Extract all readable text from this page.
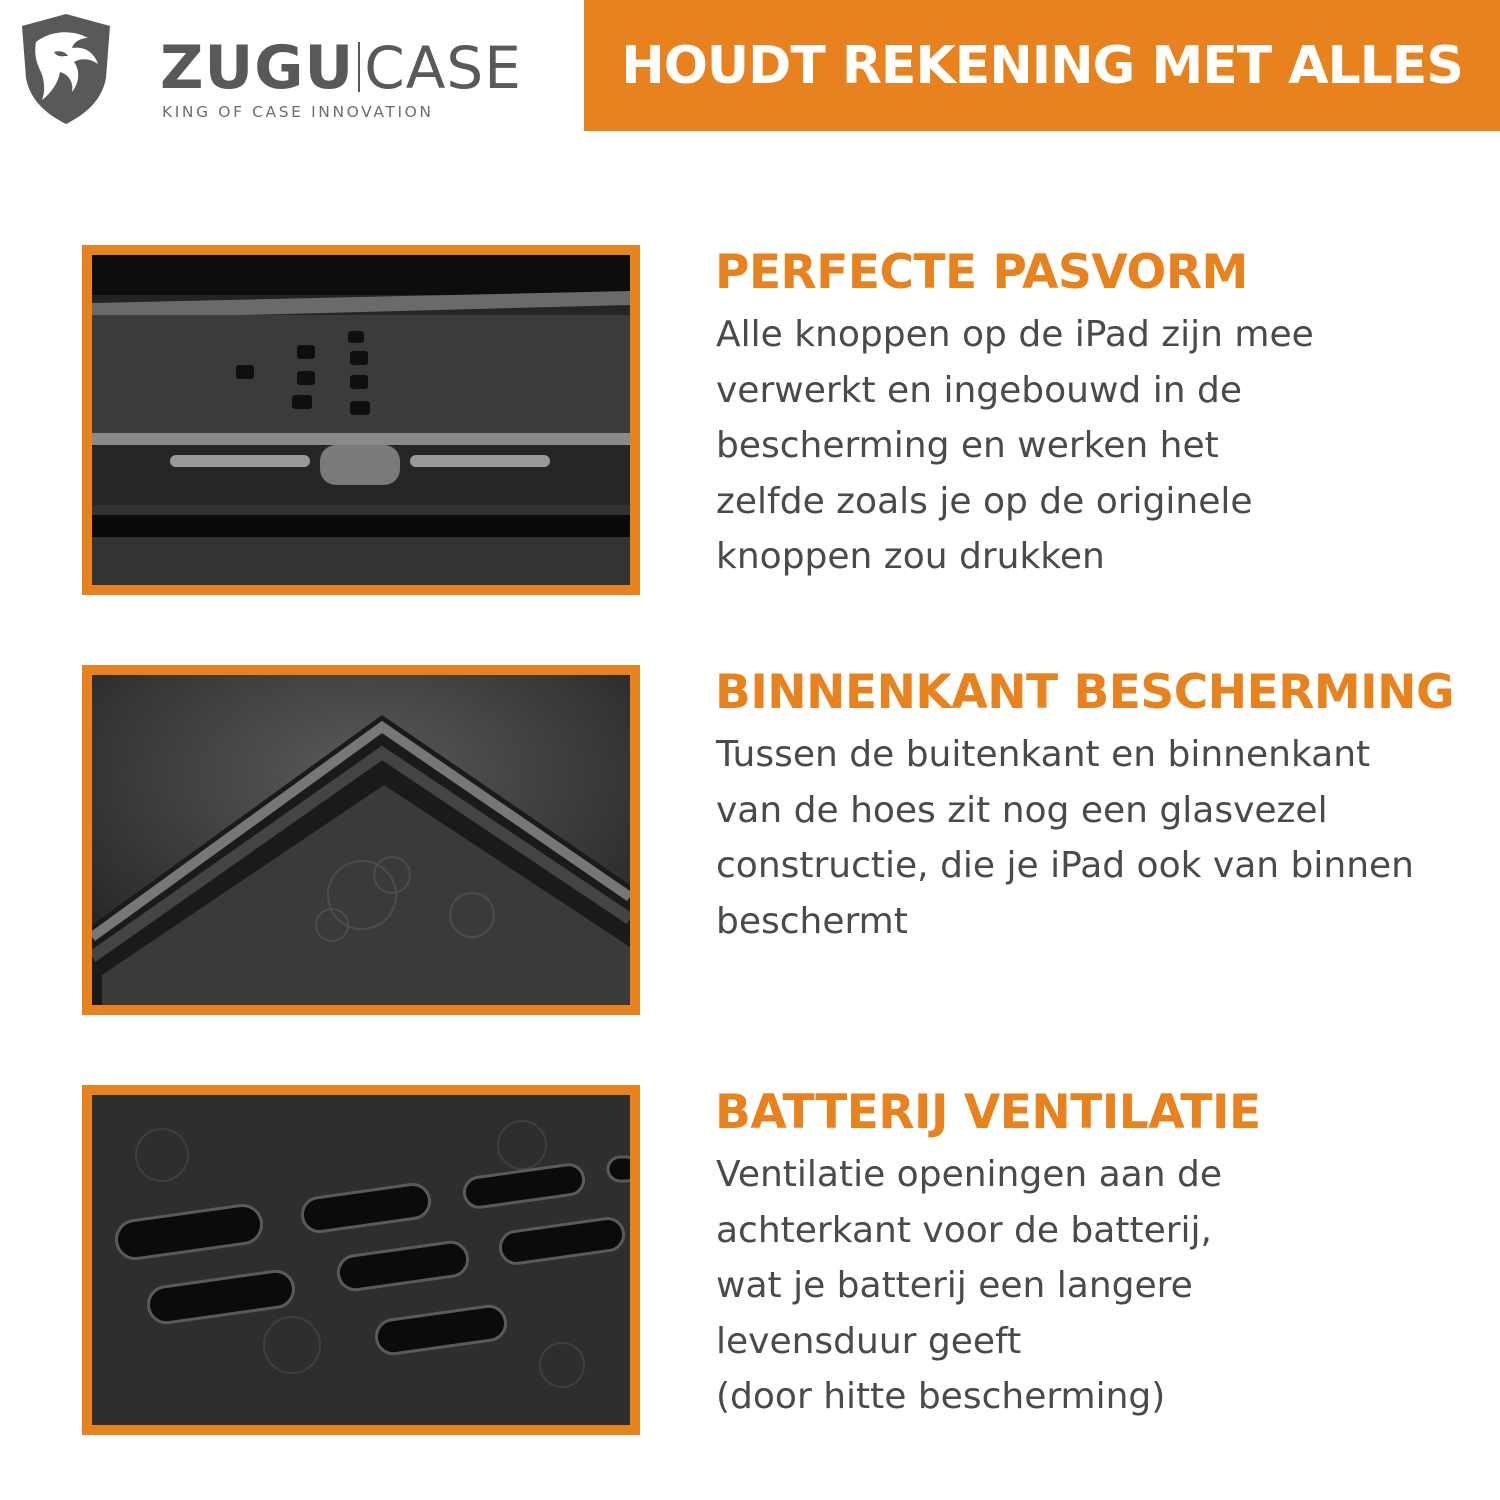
ZUGU CASE
KING OF CASE INNOVATION
HOUDT REKENING MET ALLES
PERFECTE PASVORM
Alle knoppen op de iPad zijn mee
verwerkt en ingebouwd in de
bescherming en werken het
zelfde zoals je op de originele
knoppen zou drukken
BINNENKANT BESCHERMING
Tussen de buitenkant en binnenkant
van de hoes zit nog een glasvezel
constructie, die je iPad ook van binnen
beschermt
BATTERIJ VENTILATIE
Ventilatie openingen aan de
achterkant voor de batterij,
wat je batterij een langere
levensduur geeft
(door hitte bescherming)
